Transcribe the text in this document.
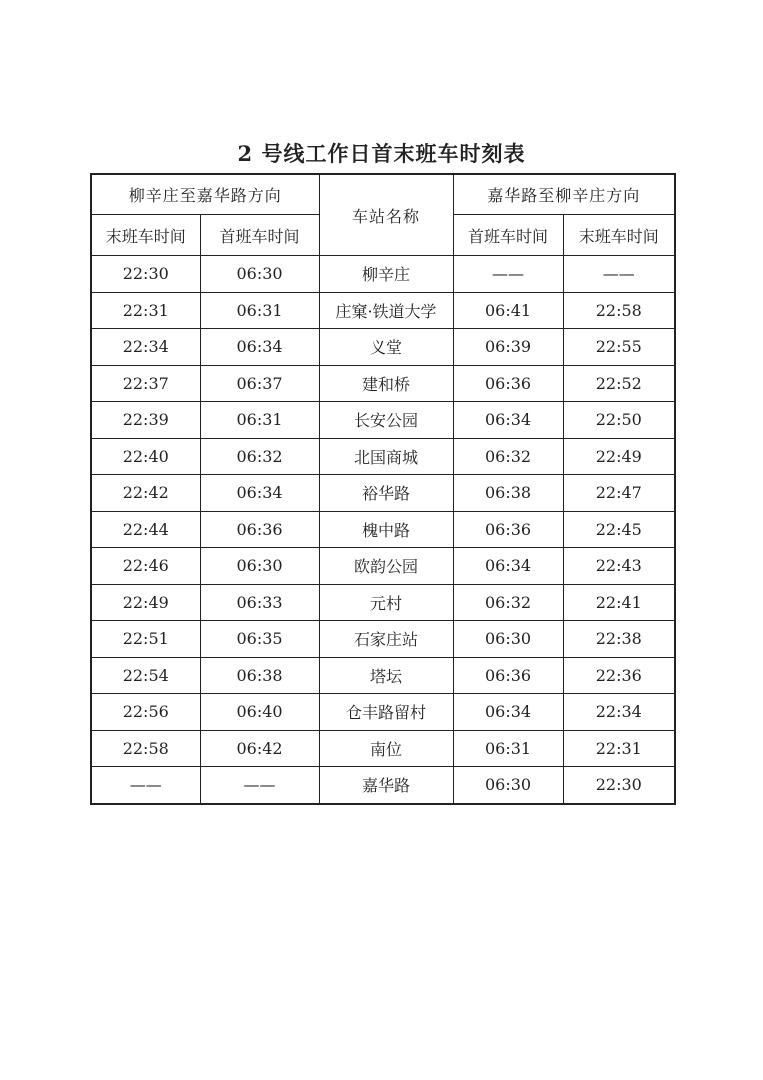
2 号线工作日首末班车时刻表
柳辛庄至嘉华路方向		车站名称	嘉华路至柳辛庄方向	
末班车时间	首班车时间		首班车时间	末班车时间
22:30	06:30	柳辛庄	——	——
22:31	06:31	庄窠·铁道大学	06:41	22:58
22:34	06:34	义堂	06:39	22:55
22:37	06:37	建和桥	06:36	22:52
22:39	06:31	长安公园	06:34	22:50
22:40	06:32	北国商城	06:32	22:49
22:42	06:34	裕华路	06:38	22:47
22:44	06:36	槐中路	06:36	22:45
22:46	06:30	欧韵公园	06:34	22:43
22:49	06:33	元村	06:32	22:41
22:51	06:35	石家庄站	06:30	22:38
22:54	06:38	塔坛	06:36	22:36
22:56	06:40	仓丰路留村	06:34	22:34
22:58	06:42	南位	06:31	22:31
——	——	嘉华路	06:30	22:30
